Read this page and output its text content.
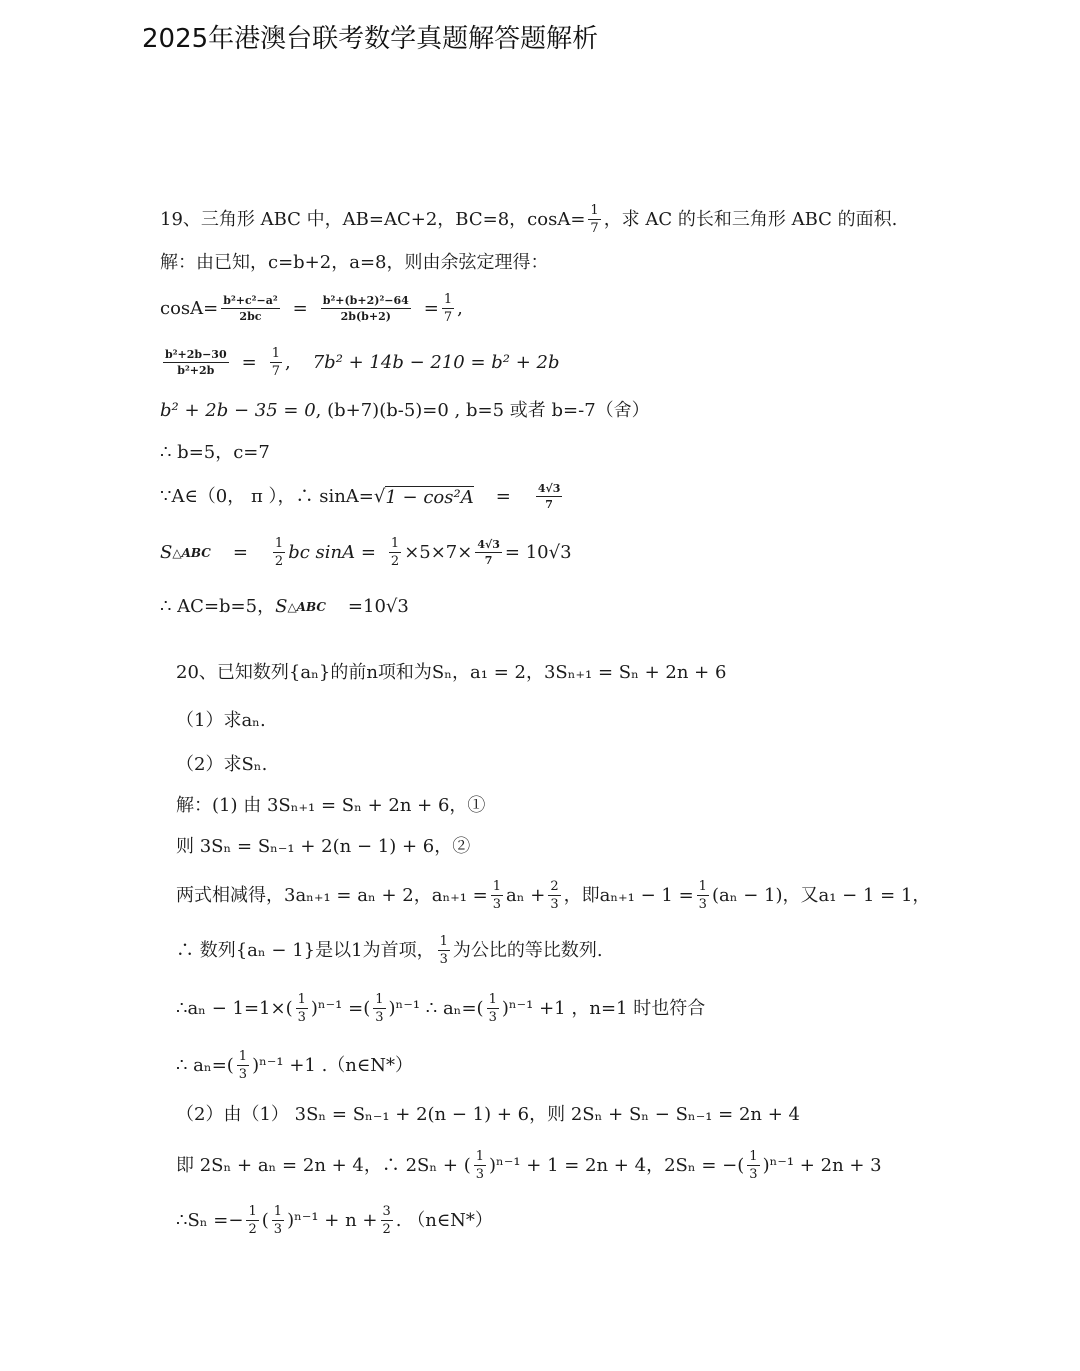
2025年港澳台联考数学真题解答题解析
19、三角形 ABC 中，AB=AC+2，BC=8，$\cos A= \frac{1}{7}$ ，求 AC 的长和三角形 ABC 的面积.
解：由已知，c=b+2，a=8，则由余弦定理得：
$\cos A= \frac{\text{b²+c²−a²}}{2bc} = \frac{\text{b²+(b+2)²−64}}{2b(b+2)} = \frac{1}{7}$ ,
$\frac{\text{b²+2b−30}}{\text{b²+2b}} = \frac{1}{7}$ , 7b² + 14b − 210 = b² + 2b
b² + 2b − 35 = 0 , (b+7)(b-5)=0 , b=5 或者 b=-7（舍）
∴ b=5，c=7
∵A∈（0， π ），∴ sinA=√ $1 - \cos^2A = \frac{4√3}{7}$
S △ABC = $\frac{1}{2}$ bc $\sin A = \frac{1}{2} \times 5\times 7\times \frac{4√3}{7} = 10√3$
∴ AC=b=5， S △ABC =10√3
20、已知数列{aₙ}的前n项和为Sₙ，a₁ = 2，3Sₙ₊₁ = Sₙ + 2n + 6
（1）求aₙ.
（2）求Sₙ.
解：(1) 由 3Sₙ₊₁ = Sₙ + 2n + 6，①
则 3Sₙ = Sₙ₋₁ + 2(n − 1) + 6，②
两式相减得，3aₙ₊₁ = aₙ + 2，$a_{n+1} = \frac{1}{3}$ $a_n + \frac{2}{3}$ ，即$a_{n+1} - 1 = \frac{1}{3} (a_n - 1)$，又a₁ − 1 = 1，
∴ 数列{aₙ − 1}是以1为首项， $\frac{1}{3}$ 为公比的等比数列.
∴aₙ − $1=1\times( \frac{1}{3} )^{n-1}$ =( $\frac{1}{3} )^{n-1}$ ∴ $a_n=( \frac{1}{3} )^{n-1} +1$ ，n=1 时也符合
∴ $a_n=( \frac{1}{3} )^{n-1} +1$ .（n∈N*）
（2）由（1） 3Sₙ = Sₙ₋₁ + 2(n − 1) + 6，则 2Sₙ + Sₙ − Sₙ₋₁ = 2n + 4
即 2Sₙ + aₙ = 2n + 4，∴ 2Sₙ + ( $\frac{1}{3} )^{n-1} + 1 = 2n + 4$，2Sₙ = −( $\frac{1}{3} )^{n-1} + 2n + 3$
∴Sₙ =− $\frac{1}{2}$ ( $\frac{1}{3} )^{n-1} + n + \frac{3}{2}$ . （n∈N*）
